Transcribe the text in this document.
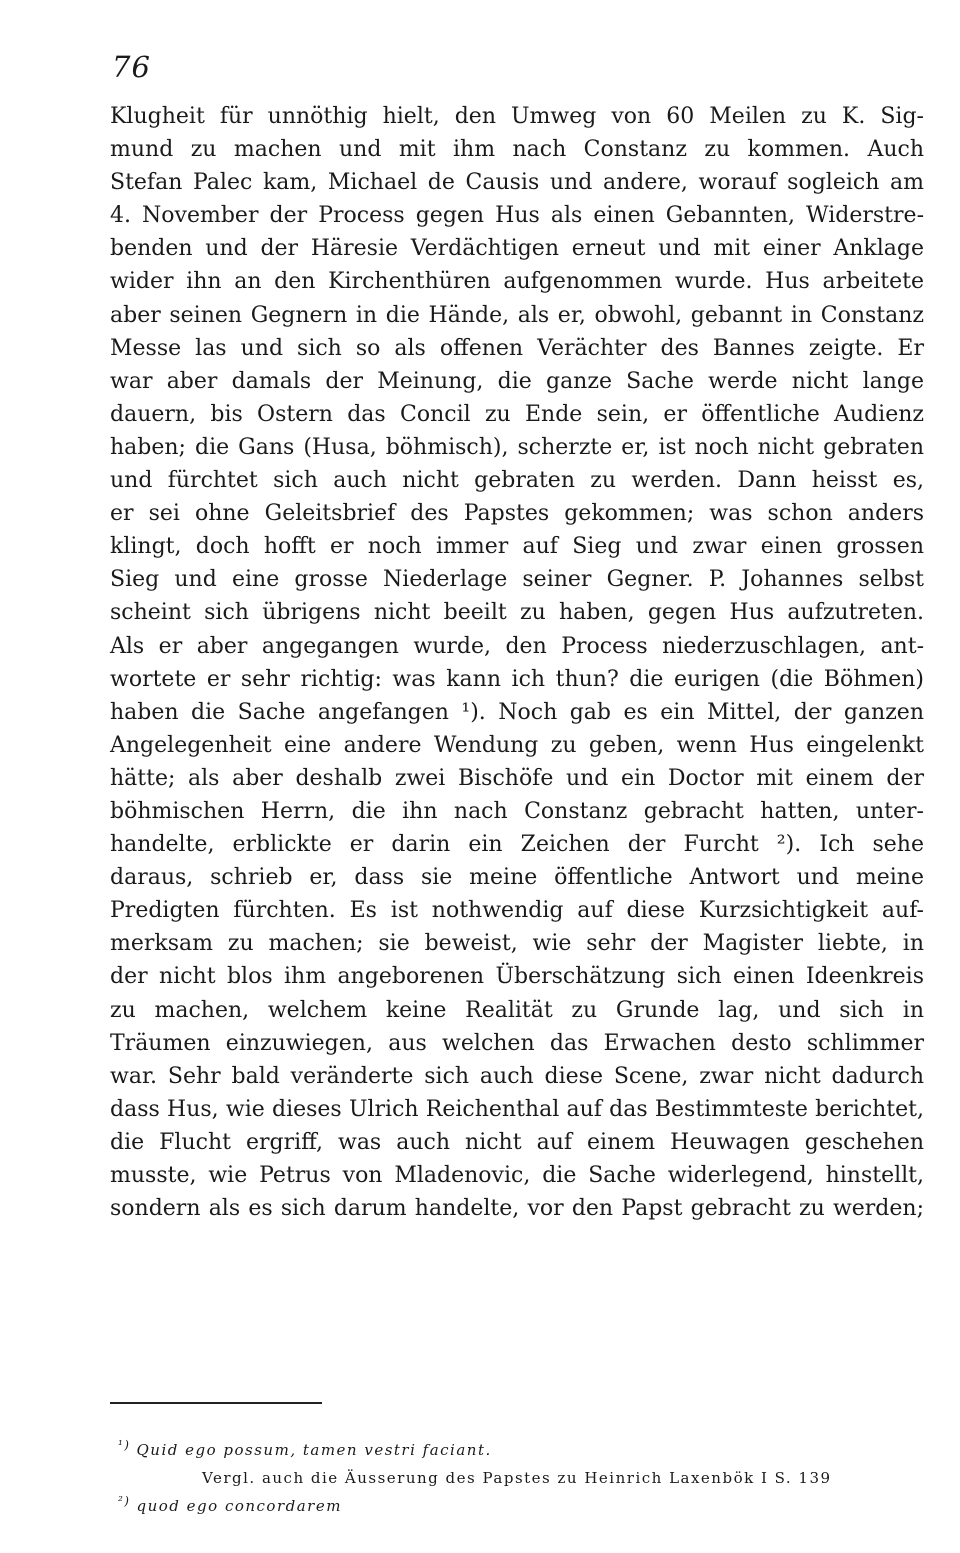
76
Klugheit für unnöthig hielt, den Umweg von 60 Meilen zu K. Sig-
mund zu machen und mit ihm nach Constanz zu kommen. Auch
Stefan Palec kam, Michael de Causis und andere, worauf sogleich am
4. November der Process gegen Hus als einen Gebannten, Widerstre-
benden und der Häresie Verdächtigen erneut und mit einer Anklage
wider ihn an den Kirchenthüren aufgenommen wurde. Hus arbeitete
aber seinen Gegnern in die Hände, als er, obwohl, gebannt in Constanz
Messe las und sich so als offenen Verächter des Bannes zeigte. Er
war aber damals der Meinung, die ganze Sache werde nicht lange
dauern, bis Ostern das Concil zu Ende sein, er öffentliche Audienz
haben; die Gans (Husa, böhmisch), scherzte er, ist noch nicht gebraten
und fürchtet sich auch nicht gebraten zu werden. Dann heisst es,
er sei ohne Geleitsbrief des Papstes gekommen; was schon anders
klingt, doch hofft er noch immer auf Sieg und zwar einen grossen
Sieg und eine grosse Niederlage seiner Gegner. P. Johannes selbst
scheint sich übrigens nicht beeilt zu haben, gegen Hus aufzutreten.
Als er aber angegangen wurde, den Process niederzuschlagen, ant-
wortete er sehr richtig: was kann ich thun? die eurigen (die Böhmen)
haben die Sache angefangen ¹). Noch gab es ein Mittel, der ganzen
Angelegenheit eine andere Wendung zu geben, wenn Hus eingelenkt
hätte; als aber deshalb zwei Bischöfe und ein Doctor mit einem der
böhmischen Herrn, die ihn nach Constanz gebracht hatten, unter-
handelte, erblickte er darin ein Zeichen der Furcht ²). Ich sehe
daraus, schrieb er, dass sie meine öffentliche Antwort und meine
Predigten fürchten. Es ist nothwendig auf diese Kurzsichtigkeit auf-
merksam zu machen; sie beweist, wie sehr der Magister liebte, in
der nicht blos ihm angeborenen Überschätzung sich einen Ideenkreis
zu machen, welchem keine Realität zu Grunde lag, und sich in
Träumen einzuwiegen, aus welchen das Erwachen desto schlimmer
war. Sehr bald veränderte sich auch diese Scene, zwar nicht dadurch
dass Hus, wie dieses Ulrich Reichenthal auf das Bestimmteste berichtet,
die Flucht ergriff, was auch nicht auf einem Heuwagen geschehen
musste, wie Petrus von Mladenovic, die Sache widerlegend, hinstellt,
sondern als es sich darum handelte, vor den Papst gebracht zu werden;
¹) Quid ego possum, tamen vestri faciant.
Vergl. auch die Äusserung des Papstes zu Heinrich Laxenbök I S. 139
²) quod ego concordarem
